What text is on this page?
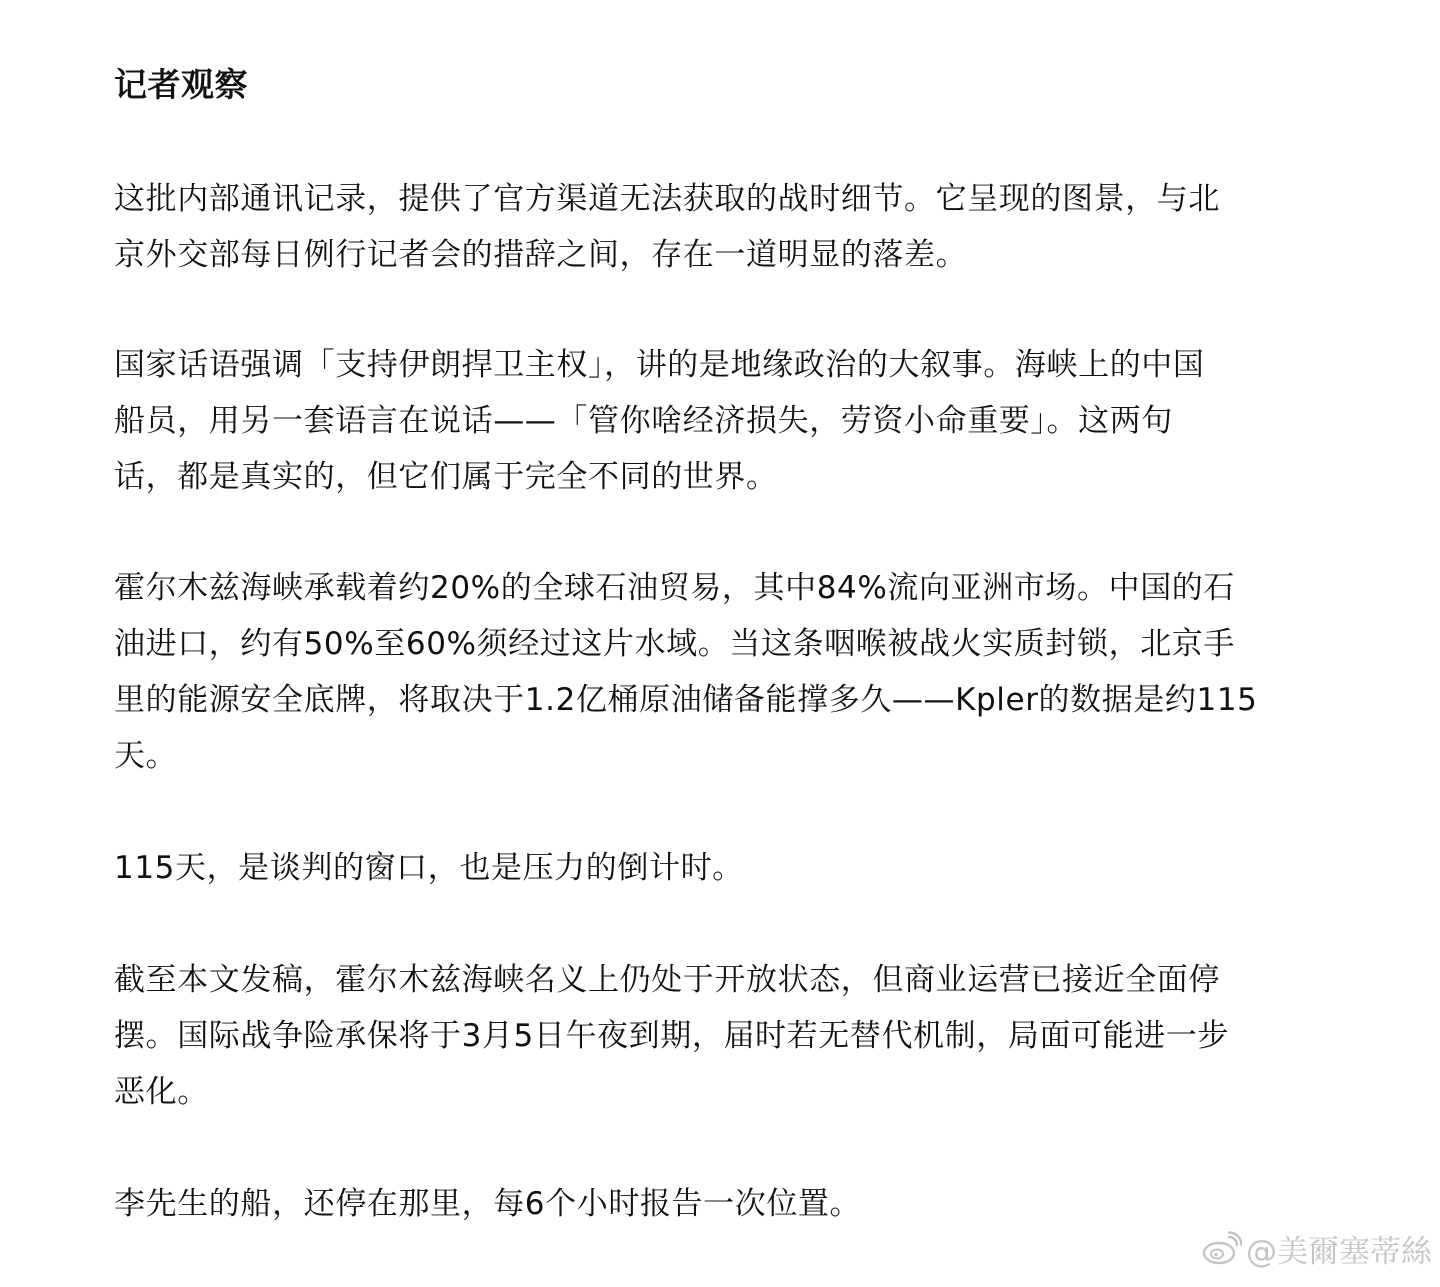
记者观察
这批内部通讯记录，提供了官方渠道无法获取的战时细节。它呈现的图景，与北
京外交部每日例行记者会的措辞之间，存在一道明显的落差。
国家话语强调「支持伊朗捍卫主权」，讲的是地缘政治的大叙事。海峡上的中国
船员，用另一套语言在说话——「管你啥经济损失，劳资小命重要」。这两句
话，都是真实的，但它们属于完全不同的世界。
霍尔木兹海峡承载着约20%的全球石油贸易，其中84%流向亚洲市场。中国的石
油进口，约有50%至60%须经过这片水域。当这条咽喉被战火实质封锁，北京手
里的能源安全底牌，将取决于1.2亿桶原油储备能撑多久——Kpler的数据是约115
天。
115天，是谈判的窗口，也是压力的倒计时。
截至本文发稿，霍尔木兹海峡名义上仍处于开放状态，但商业运营已接近全面停
摆。国际战争险承保将于3月5日午夜到期，届时若无替代机制，局面可能进一步
恶化。
李先生的船，还停在那里，每6个小时报告一次位置。
@美爾塞蒂絲
